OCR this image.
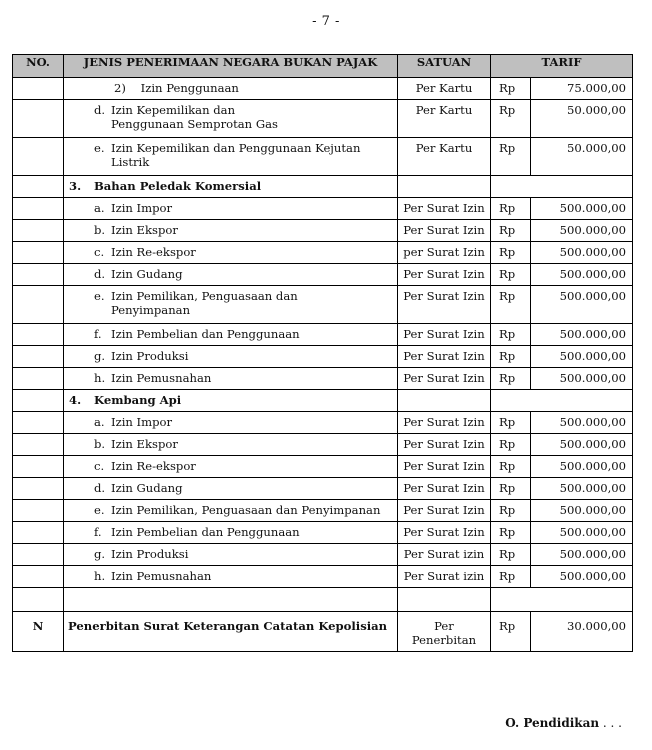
- 7 -
NO.	JENIS PENERIMAAN NEGARA BUKAN PAJAK	SATUAN	TARIF	

	2) Izin Penggunaan	Per Kartu	Rp	75.000,00

	d. Izin Kepemilikan dan Penggunaan Semprotan Gas	Per Kartu	Rp	50.000,00

	e. Izin Kepemilikan dan Penggunaan Kejutan Listrik	Per Kartu	Rp	50.000,00

	3. Bahan Peledak Komersial			

	a. Izin Impor	Per Surat Izin	Rp	500.000,00

	b. Izin Ekspor	Per Surat Izin	Rp	500.000,00

	c. Izin Re-ekspor	per Surat Izin	Rp	500.000,00

	d. Izin Gudang	Per Surat Izin	Rp	500.000,00

	e. Izin Pemilikan, Penguasaan dan Penyimpanan	Per Surat Izin	Rp	500.000,00

	f. Izin Pembelian dan Penggunaan	Per Surat Izin	Rp	500.000,00

	g. Izin Produksi	Per Surat Izin	Rp	500.000,00

	h. Izin Pemusnahan	Per Surat Izin	Rp	500.000,00

	4. Kembang Api			

	a. Izin Impor	Per Surat Izin	Rp	500.000,00

	b. Izin Ekspor	Per Surat Izin	Rp	500.000,00

	c. Izin Re-ekspor	Per Surat Izin	Rp	500.000,00

	d. Izin Gudang	Per Surat Izin	Rp	500.000,00

	e. Izin Pemilikan, Penguasaan dan Penyimpanan	Per Surat Izin	Rp	500.000,00

	f. Izin Pembelian dan Penggunaan	Per Surat Izin	Rp	500.000,00

	g. Izin Produksi	Per Surat izin	Rp	500.000,00

	h. Izin Pemusnahan	Per Surat izin	Rp	500.000,00

N	Penerbitan Surat Keterangan Catatan Kepolisian	Per
Penerbitan	Rp	30.000,00
O. Pendidikan . . .
